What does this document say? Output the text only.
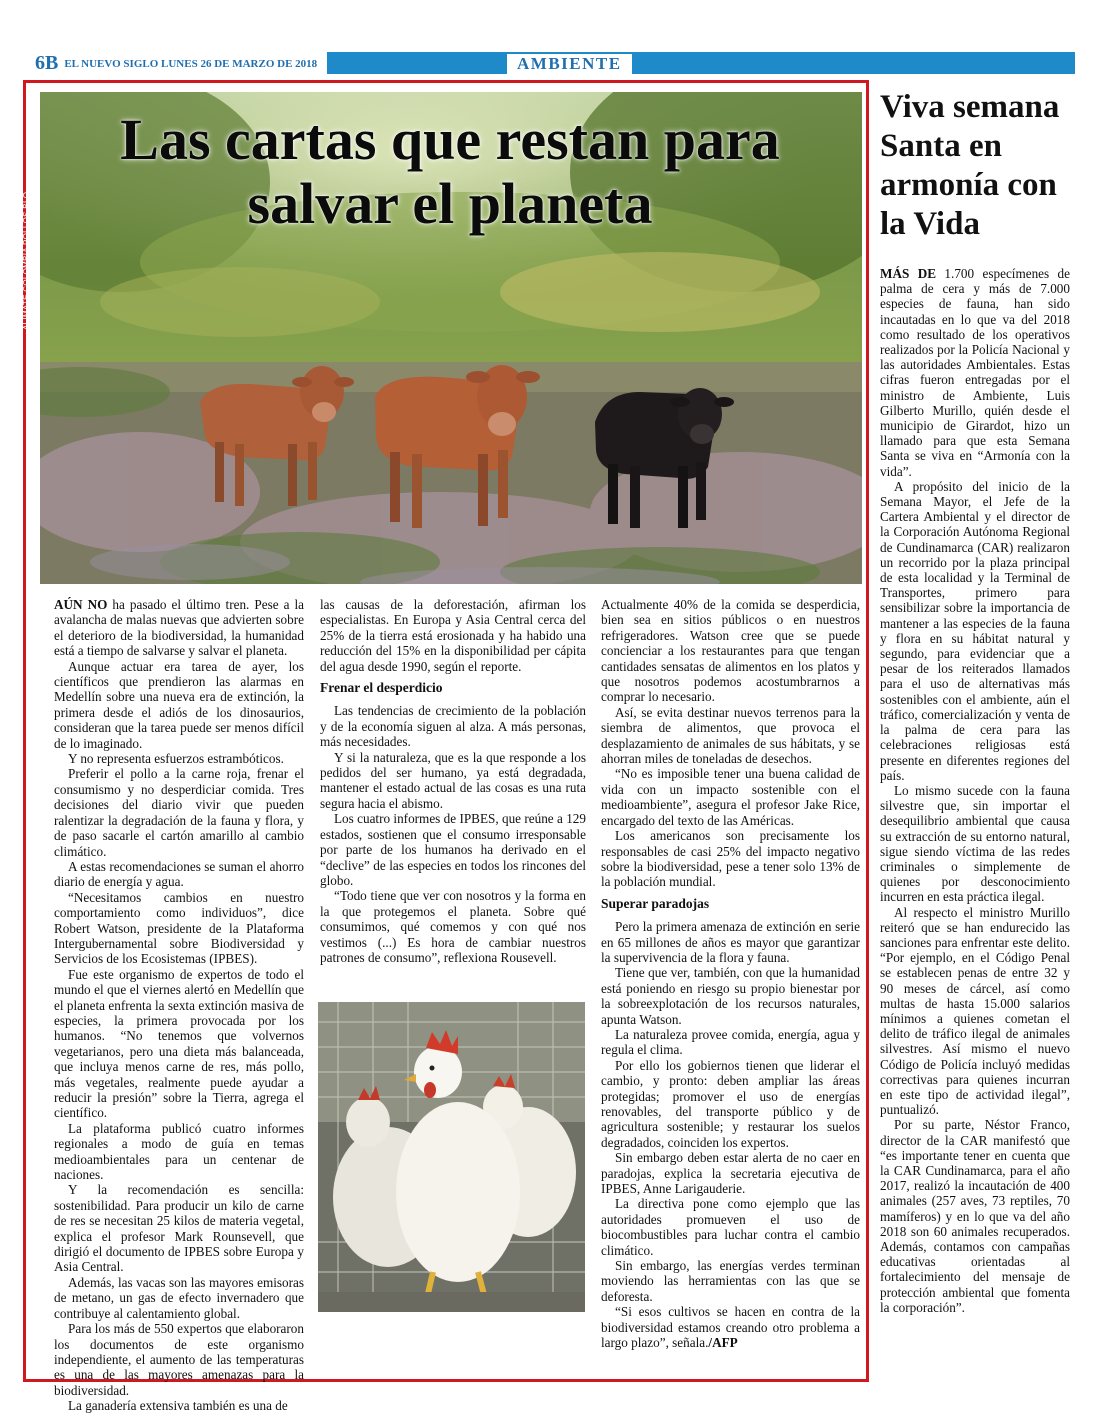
6B EL NUEVO SIGLO LUNES 26 DE MARZO DE 2018	AMBIENTE
Las cartas que restan para salvar el planeta
ALIMATE COLOMBIA POLLOS BLO

AÚN NO ha pasado el último tren. Pese a la avalancha de malas nuevas que advierten sobre el deterioro de la biodiversidad, la humanidad está a tiempo de salvarse y salvar el planeta.

Aunque actuar era tarea de ayer, los científicos que prendieron las alarmas en Medellín sobre una nueva era de extinción, la primera desde el adiós de los dinosaurios, consideran que la tarea puede ser menos difícil de lo imaginado.

Y no representa esfuerzos estrambóticos.

Preferir el pollo a la carne roja, frenar el consumismo y no desperdiciar comida. Tres decisiones del diario vivir que pueden ralentizar la degradación de la fauna y flora, y de paso sacarle el cartón amarillo al cambio climático.

A estas recomendaciones se suman el ahorro diario de energía y agua.

“Necesitamos cambios en nuestro comportamiento como individuos”, dice Robert Watson, presidente de la Plataforma Intergubernamental sobre Biodiversidad y Servicios de los Ecosistemas (IPBES).

Fue este organismo de expertos de todo el mundo el que el viernes alertó en Medellín que el planeta enfrenta la sexta extinción masiva de especies, la primera provocada por los humanos. “No tenemos que volvernos vegetarianos, pero una dieta más balanceada, que incluya menos carne de res, más pollo, más vegetales, realmente puede ayudar a reducir la presión” sobre la Tierra, agrega el científico.

La plataforma publicó cuatro informes regionales a modo de guía en temas medioambientales para un centenar de naciones.

Y la recomendación es sencilla: sostenibilidad. Para producir un kilo de carne de res se necesitan 25 kilos de materia vegetal, explica el profesor Mark Rounsevell, que dirigió el documento de IPBES sobre Europa y Asia Central.

Además, las vacas son las mayores emisoras de metano, un gas de efecto invernadero que contribuye al calentamiento global.

Para los más de 550 expertos que elaboraron los documentos de este organismo independiente, el aumento de las temperaturas es una de las mayores amenazas para la biodiversidad.

La ganadería extensiva también es una de

las causas de la deforestación, afirman los especialistas. En Europa y Asia Central cerca del 25% de la tierra está erosionada y ha habido una reducción del 15% en la disponibilidad per cápita del agua desde 1990, según el reporte.

Frenar el desperdicio

Las tendencias de crecimiento de la población y de la economía siguen al alza. A más personas, más necesidades.

Y si la naturaleza, que es la que responde a los pedidos del ser humano, ya está degradada, mantener el estado actual de las cosas es una ruta segura hacia el abismo.

Los cuatro informes de IPBES, que reúne a 129 estados, sostienen que el consumo irresponsable por parte de los humanos ha derivado en el “declive” de las especies en todos los rincones del globo.

“Todo tiene que ver con nosotros y la forma en la que protegemos el planeta. Sobre qué consumimos, qué comemos y con qué nos vestimos (...) Es hora de cambiar nuestros patrones de consumo”, reflexiona Rousevell.

Actualmente 40% de la comida se desperdicia, bien sea en sitios públicos o en nuestros refrigeradores. Watson cree que se puede concienciar a los restaurantes para que tengan cantidades sensatas de alimentos en los platos y que nosotros podemos acostumbrarnos a comprar lo necesario.

Así, se evita destinar nuevos terrenos para la siembra de alimentos, que provoca el desplazamiento de animales de sus hábitats, y se ahorran miles de toneladas de desechos.

“No es imposible tener una buena calidad de vida con un impacto sostenible con el medioambiente”, asegura el profesor Jake Rice, encargado del texto de las Américas.

Los americanos son precisamente los responsables de casi 25% del impacto negativo sobre la biodiversidad, pese a tener solo 13% de la población mundial.

Superar paradojas

Pero la primera amenaza de extinción en serie en 65 millones de años es mayor que garantizar la supervivencia de la flora y fauna.

Tiene que ver, también, con que la humanidad está poniendo en riesgo su propio bienestar por la sobreexplotación de los recursos naturales, apunta Watson.

La naturaleza provee comida, energía, agua y regula el clima.

Por ello los gobiernos tienen que liderar el cambio, y pronto: deben ampliar las áreas protegidas; promover el uso de energías renovables, del transporte público y de agricultura sostenible; y restaurar los suelos degradados, coinciden los expertos.

Sin embargo deben estar alerta de no caer en paradojas, explica la secretaria ejecutiva de IPBES, Anne Larigauderie.

La directiva pone como ejemplo que las autoridades promueven el uso de biocombustibles para luchar contra el cambio climático.

Sin embargo, las energías verdes terminan moviendo las herramientas con las que se deforesta.

“Si esos cultivos se hacen en contra de la biodiversidad estamos creando otro problema a largo plazo”, señala./AFP

Viva semana Santa en armonía con la Vida

MÁS DE 1.700 especímenes de palma de cera y más de 7.000 especies de fauna, han sido incautadas en lo que va del 2018 como resultado de los operativos realizados por la Policía Nacional y las autoridades Ambientales. Estas cifras fueron entregadas por el ministro de Ambiente, Luis Gilberto Murillo, quién desde el municipio de Girardot, hizo un llamado para que esta Semana Santa se viva en “Armonía con la vida”.

A propósito del inicio de la Semana Mayor, el Jefe de la Cartera Ambiental y el director de la Corporación Autónoma Regional de Cundinamarca (CAR) realizaron un recorrido por la plaza principal de esta localidad y la Terminal de Transportes, primero para sensibilizar sobre la importancia de mantener a las especies de la fauna y flora en su hábitat natural y segundo, para evidenciar que a pesar de los reiterados llamados para el uso de alternativas más sostenibles con el ambiente, aún el tráfico, comercialización y venta de la palma de cera para las celebraciones religiosas está presente en diferentes regiones del país.

Lo mismo sucede con la fauna silvestre que, sin importar el desequilibrio ambiental que causa su extracción de su entorno natural, sigue siendo víctima de las redes criminales o simplemente de quienes por desconocimiento incurren en esta práctica ilegal.

Al respecto el ministro Murillo reiteró que se han endurecido las sanciones para enfrentar este delito. “Por ejemplo, en el Código Penal se establecen penas de entre 32 y 90 meses de cárcel, así como multas de hasta 15.000 salarios mínimos a quienes cometan el delito de tráfico ilegal de animales silvestres. Así mismo el nuevo Código de Policía incluyó medidas correctivas para quienes incurran en este tipo de actividad ilegal”, puntualizó.

Por su parte, Néstor Franco, director de la CAR manifestó que “es importante tener en cuenta que la CAR Cundinamarca, para el año 2017, realizó la incautación de 400 animales (257 aves, 73 reptiles, 70 mamíferos) y en lo que va del año 2018 son 60 animales recuperados. Además, contamos con campañas educativas orientadas al fortalecimiento del mensaje de protección ambiental que fomenta la corporación”.
